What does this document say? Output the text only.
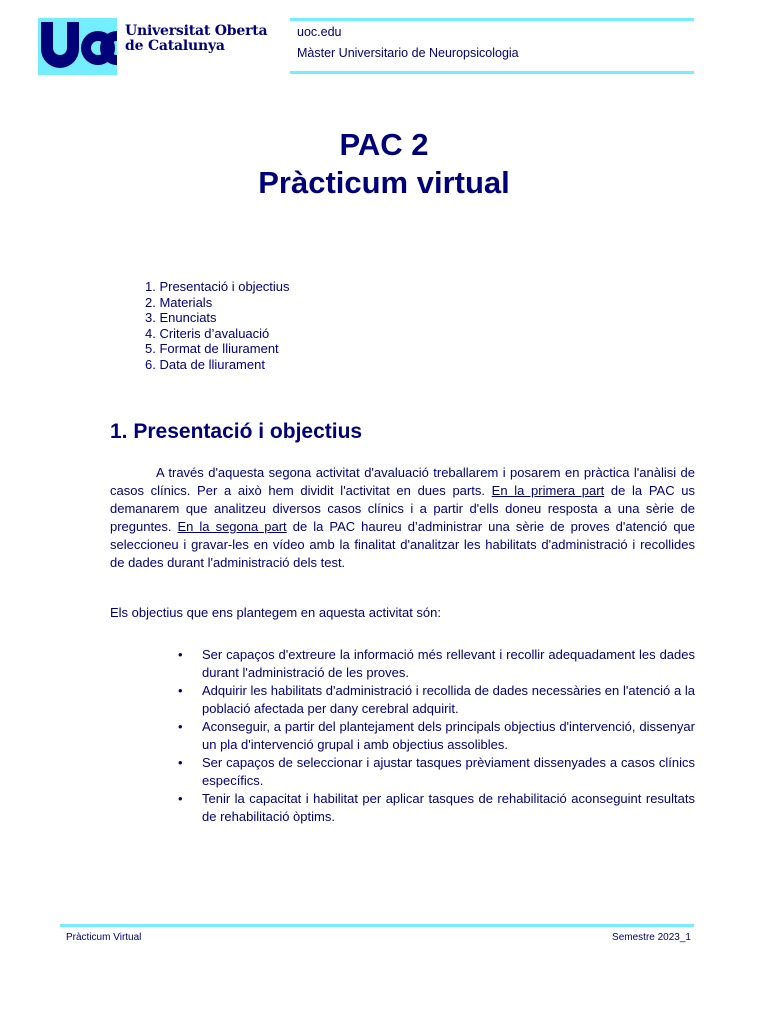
Universitat Oberta
de Catalunya
uoc.edu
Màster Universitario de Neuropsicologia
PAC 2
Pràcticum virtual
1. Presentació i objectius
2. Materials
3. Enunciats
4. Criteris d’avaluació
5. Format de lliurament
6. Data de lliurament
1. Presentació i objectius

A través d'aquesta segona activitat d'avaluació treballarem i posarem en pràctica l'anàlisi de casos clínics. Per a això hem dividit l'activitat en dues parts. En la primera part de la PAC us demanarem que analitzeu diversos casos clínics i a partir d'ells doneu resposta a una sèrie de preguntes. En la segona part de la PAC haureu d’administrar una sèrie de proves d'atenció que seleccioneu i gravar-les en vídeo amb la finalitat d'analitzar les habilitats d'administració i recollides de dades durant l'administració dels test.

Els objectius que ens plantegem en aquesta activitat són:

• Ser capaços d'extreure la informació més rellevant i recollir adequadament les dades durant l'administració de les proves.
• Adquirir les habilitats d'administració i recollida de dades necessàries en l'atenció a la població afectada per dany cerebral adquirit.
• Aconseguir, a partir del plantejament dels principals objectius d'intervenció, dissenyar un pla d'intervenció grupal i amb objectius assolibles.
• Ser capaços de seleccionar i ajustar tasques prèviament dissenyades a casos clínics específics.
• Tenir la capacitat i habilitat per aplicar tasques de rehabilitació aconseguint resultats de rehabilitació òptims.
Pràcticum Virtual	Semestre 2023_1
